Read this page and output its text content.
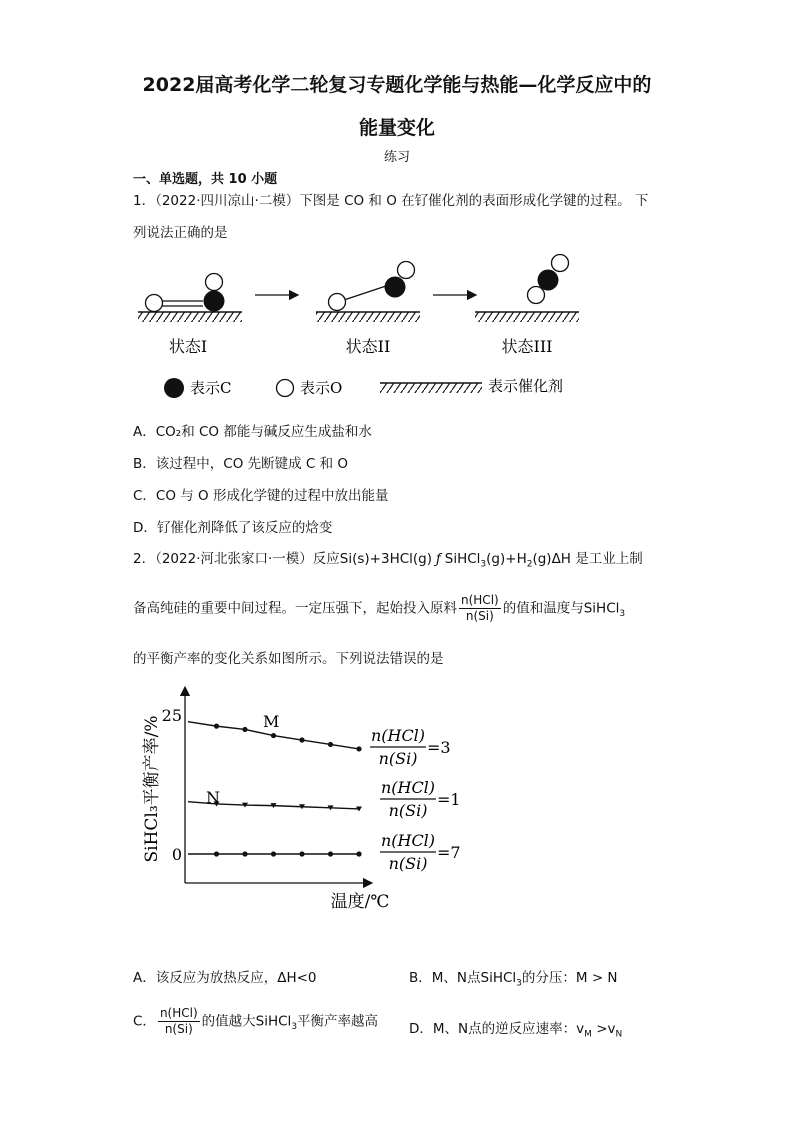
2022届高考化学二轮复习专题化学能与热能—化学反应中的
能量变化
练习
一、单选题，共 10 小题
1．（2022·四川凉山·二模）下图是 CO 和 O 在钌催化剂的表面形成化学键的过程。 下
列说法正确的是
状态I	状态II	状态III
表示C	表示O	表示催化剂
A．CO₂和 CO 都能与碱反应生成盐和水
B．该过程中，CO 先断键成 C 和 O
C．CO 与 O 形成化学键的过程中放出能量
D．钌催化剂降低了该反应的焓变
2．（2022·河北张家口·一模）反应Si(s)+3HCl(g) ƒ $SiHCl_3(g)+H_2(g)\Delta H$ 是工业上制
备高纯硅的重要中间过程。一定压强下，起始投入原料 $\frac{\text{n(HCl)}}{n(Si)}$ 的值和温度与SiHCl$_3$
的平衡产率的变化关系如图所示。下列说法错误的是
SiHCl₃平衡产率/%
温度/℃
25
0
M
N
n(HCl)
n(Si)
=3
n(HCl)
n(Si)
=1
n(HCl)
n(Si)
=7
A．该反应为放热反应，ΔH<0	B．M、N点SiHCl$_3$的分压：M > N
C． $\frac{\text{n(HCl)}}{n(Si)}$ 的值越大SiHCl$_3$平衡产率越高 D．M、N点的逆反应速率：$v_M >v_N$
